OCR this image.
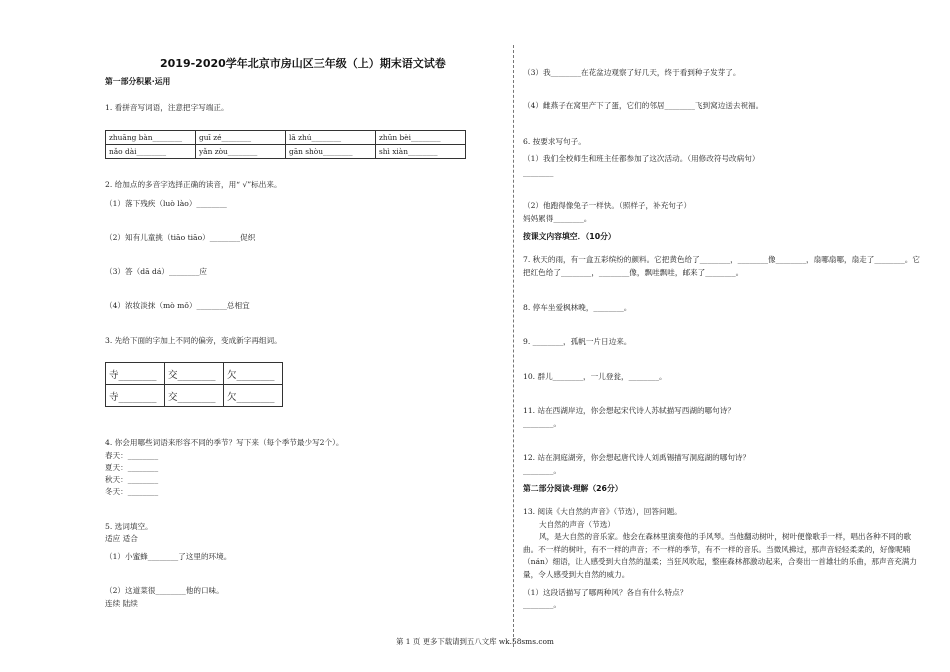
2019-2020学年北京市房山区三年级（上）期末语文试卷
第一部分积累·运用
1. 看拼音写词语，注意把字写端正。
zhuāng bàn________	guī zé________	lā zhú________	zhūn bèi________
nǎo dài________	yǎn zòu________	gān shòu________	shì xiàn________
2. 给加点的多音字选择正确的读音，用“ √”标出来。
（1）落下残疾（luò lào）________
（2）知有儿童挑（tiāo tiāo）________促织
（3）答（dā dá）________应
（4）浓妆淡抹（mò mǒ）________总相宜
3. 先给下面的字加上不同的偏旁，变成新字再组词。
寺________	交________	欠________
寺________	交________	欠________
4. 你会用哪些词语来形容不同的季节？写下来（每个季节最少写2个）。
春天：________
夏天：________
秋天：________
冬天：________
5. 选词填空。
适应 适合
（1）小蜜蜂________了这里的环境。
（2）这道菜很________他的口味。
连续 陆续
（3）我________在花盆边观察了好几天，终于看到种子发芽了。
（4）雌燕子在窝里产下了蛋，它们的邻居________飞到窝边送去祝福。
6. 按要求写句子。
（1）我们全校师生和班主任都参加了这次活动。（用修改符号改病句）
________
（2）他跑得像兔子一样快。（照样子，补充句子）
妈妈累得________。
按课文内容填空．（10分）
7. 秋天的雨，有一盒五彩缤纷的颜料。它把黄色给了________，________像________，扇哪扇哪，扇走了________。它把红色给了________，________像，飘哇飘哇，邮来了________。
8. 停车坐爱枫林晚，________。
9. ________，孤帆一片日边来。
10. 群儿________，一儿登瓮，________。
11. 站在西湖岸边，你会想起宋代诗人苏轼描写西湖的哪句诗？
________。
12. 站在洞庭湖旁，你会想起唐代诗人刘禹锡描写洞庭湖的哪句诗？
________。
第二部分阅读·理解（26分）
13. 阅读《大自然的声音》（节选），回答问题。
大自然的声音（节选）
风，是大自然的音乐家。他会在森林里演奏他的手风琴。当他翻动树叶，树叶便像歌手一样，唱出各种不同的歌曲。不一样的树叶，有不一样的声音；不一样的季节，有不一样的音乐。当微风拂过，那声音轻轻柔柔的，好像呢喃（nán）细语，让人感受到大自然的温柔；当狂风吹起，整座森林都激动起来，合奏出一首雄壮的乐曲，那声音充满力量，令人感受到大自然的威力。
（1）这段话描写了哪两种风？各自有什么特点？
________。
第 1 页 更多下载请到五八文库 wk.58sms.com
